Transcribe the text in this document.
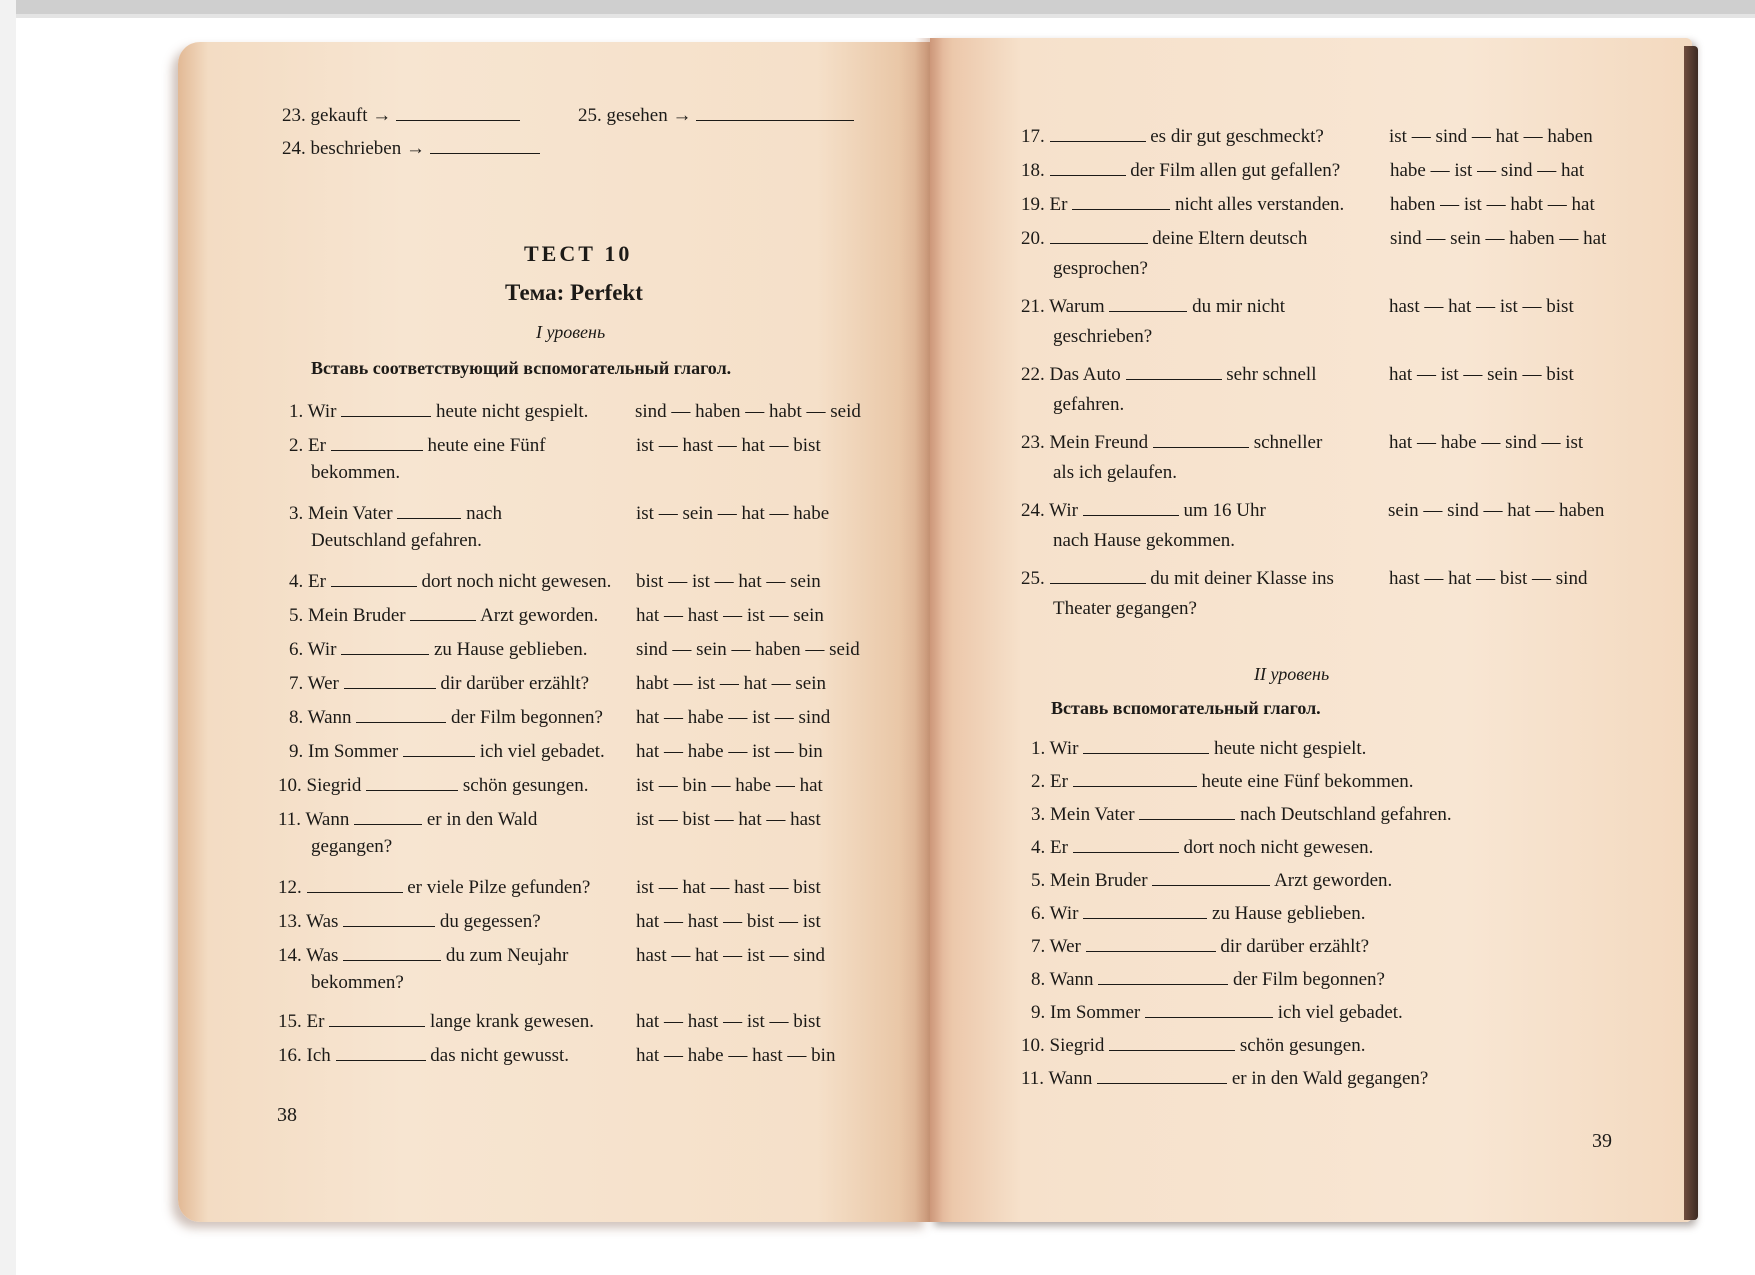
23. gekauft →	25. gesehen →
24. beschrieben →
ТЕСТ 10
Тема: Perfekt
I уровень
Вставь соответствующий вспомогательный глагол.
1. Wir	heute nicht gespielt. sind — haben — habt — seid
2. Er	heute eine Fünf
bekommen.
ist — hast — hat — bist
3. Mein Vater	nach
Deutschland gefahren.
ist — sein — hat — habe
4. Er	dort noch nicht gewesen. bist — ist — hat — sein
5. Mein Bruder	Arzt geworden. hat — hast — ist — sein
6. Wir	zu Hause geblieben.	sind — sein — haben — seid
7. Wer	dir darüber erzählt? habt — ist — hat — sein
8. Wann	der Film begonnen? hat — habe — ist — sind
9. Im Sommer	ich viel gebadet. hat — habe — ist — bin
10. Siegrid	schön gesungen.	ist — bin — habe — hat
11. Wann	er in den Wald
gegangen?
ist — bist — hat — hast
12.	er viele Pilze gefunden? ist — hat — hast — bist
13. Was	du gegessen?	hat — hast — bist — ist
14. Was	du zum Neujahr
bekommen?
hast — hat — ist — sind
15. Er	lange krank gewesen. hat — hast — ist — bist
16. Ich	das nicht gewusst.	hat — habe — hast — bin
38
17.	es dir gut geschmeckt?	ist — sind — hat — haben
18.	der Film allen gut gefallen?	habe — ist — sind — hat
19. Er	nicht alles verstanden. haben — ist — habt — hat
20.	deine Eltern deutsch
gesprochen?
sind — sein — haben — hat
21. Warum	du mir nicht
geschrieben?
hast — hat — ist — bist
22. Das Auto	sehr schnell
gefahren.
hat — ist — sein — bist
23. Mein Freund	schneller
als ich gelaufen.
hat — habe — sind — ist
24. Wir	um 16 Uhr
nach Hause gekommen.
sein — sind — hat — haben
25.	du mit deiner Klasse ins
Theater gegangen?
hast — hat — bist — sind
II уровень
Вставь вспомогательный глагол.
1. Wir	heute nicht gespielt.
2. Er	heute eine Fünf bekommen.
3. Mein Vater	nach Deutschland gefahren.
4. Er	dort noch nicht gewesen.
5. Mein Bruder	Arzt geworden.
6. Wir	zu Hause geblieben.
7. Wer	dir darüber erzählt?
8. Wann	der Film begonnen?
9. Im Sommer	ich viel gebadet.
10. Siegrid	schön gesungen.
11. Wann	er in den Wald gegangen?
39
